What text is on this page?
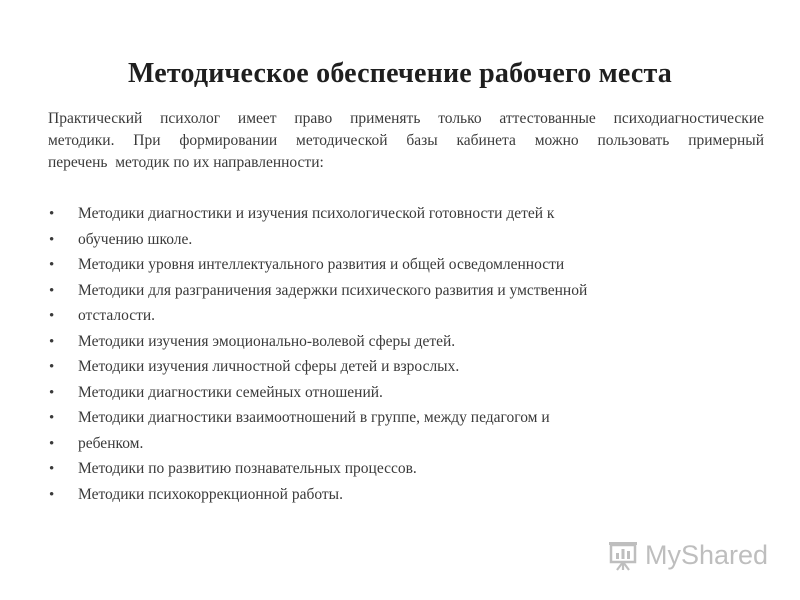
Методическое обеспечение рабочего места
Практический психолог имеет право применять только аттестованные психодиагностические
методики. При формировании методической базы кабинета можно пользовать примерный
перечень  методик по их направленности:
• Методики диагностики и изучения психологической готовности детей к
• обучению школе.
• Методики уровня интеллектуального развития и общей осведомленности
• Методики для разграничения задержки психического развития и умственной
• отсталости.
• Методики изучения эмоционально-волевой сферы детей.
• Методики изучения личностной сферы детей и взрослых.
• Методики диагностики семейных отношений.
• Методики диагностики взаимоотношений в группе, между педагогом и
• ребенком.
• Методики по развитию познавательных процессов.
• Методики психокоррекционной работы.
MyShared
